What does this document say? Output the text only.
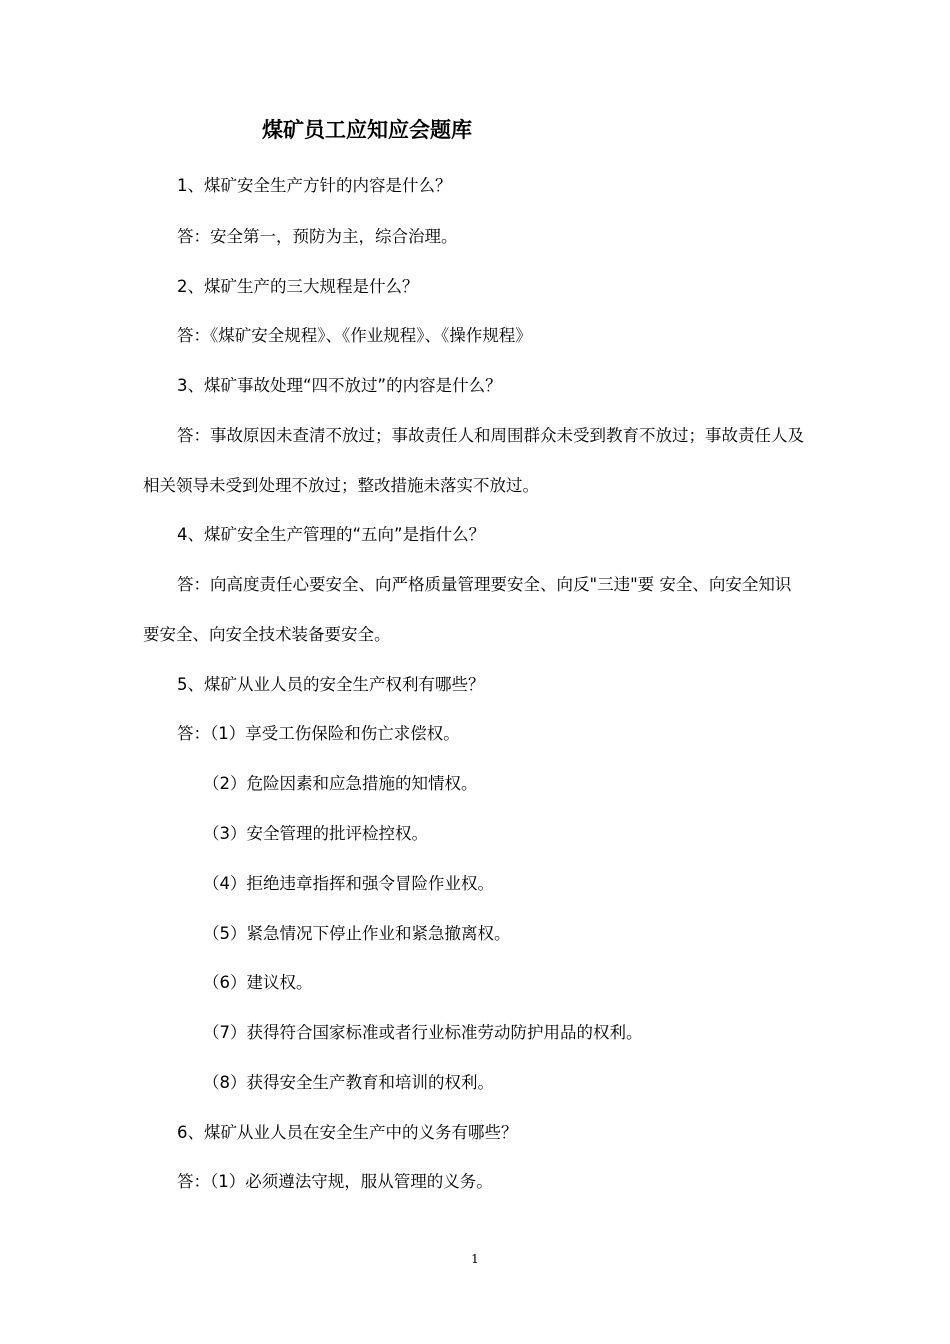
煤矿员工应知应会题库
1、煤矿安全生产方针的内容是什么？
答：安全第一，预防为主，综合治理。
2、煤矿生产的三大规程是什么？
答：《煤矿安全规程》、《作业规程》、《操作规程》
3、煤矿事故处理“四不放过”的内容是什么？
答：事故原因未查清不放过；事故责任人和周围群众未受到教育不放过；事故责任人及
相关领导未受到处理不放过；整改措施未落实不放过。
4、煤矿安全生产管理的“五向”是指什么？
答：向高度责任心要安全、向严格质量管理要安全、向反"三违"要 安全、向安全知识
要安全、向安全技术装备要安全。
5、煤矿从业人员的安全生产权利有哪些？
答：（1）享受工伤保险和伤亡求偿权。
（2）危险因素和应急措施的知情权。
（3）安全管理的批评检控权。
（4）拒绝违章指挥和强令冒险作业权。
（5）紧急情况下停止作业和紧急撤离权。
（6）建议权。
（7）获得符合国家标准或者行业标准劳动防护用品的权利。
（8）获得安全生产教育和培训的权利。
6、煤矿从业人员在安全生产中的义务有哪些？
答：（1）必须遵法守规，服从管理的义务。
1
